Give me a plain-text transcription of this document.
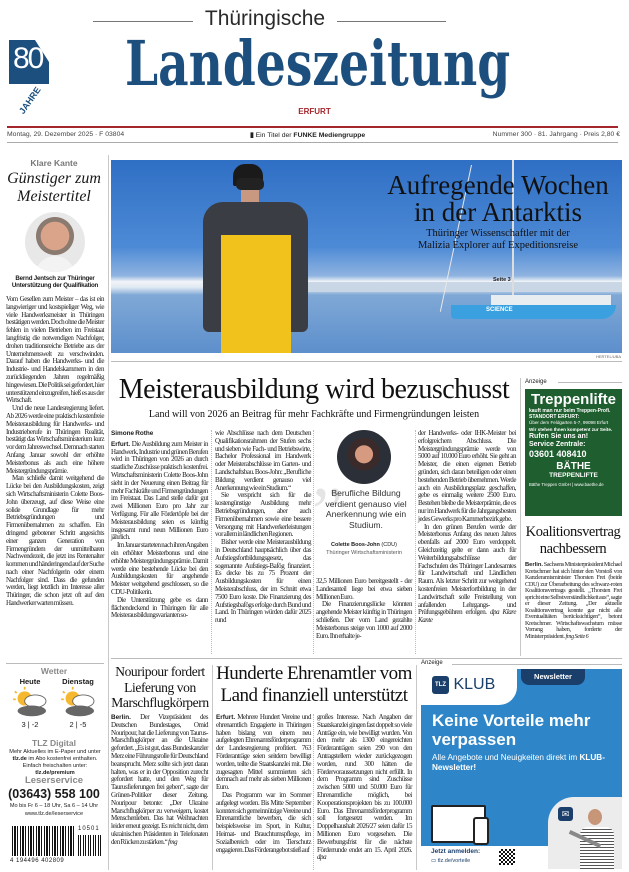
80
JAHRE
Thüringische
Landeszeitung
ERFURT
Montag, 29. Dezember 2025 · F 03804	▮ Ein Titel der FUNKE Mediengruppe	Nummer 300 · 81. Jahrgang · Preis 2,80 €
Klare Kante
Günstiger zum Meistertitel
Bernd Jentsch zur Thüringer Unterstützung der Qualifikation

Vom Gesellen zum Meister – das ist ein langwieriger und kostspieliger Weg, wie viele Handwerksmeister in Thüringen bestätigen werden. Doch ohne die Meister fehlen in vielen Betrieben im Freistaat langfristig die notwendigen Nachfolger, drohen traditionsreiche Betriebe aus der Unternehmenswelt zu verschwinden. Darauf haben die Handwerks- und die Industrie- und Handelskammern in den zurückliegenden Jahren regelmäßig hingewiesen. Die Politik sei gefordert, hier unterstützend einzugreifen, hieß es aus der Wirtschaft.

Und die neue Landesregierung liefert. Ab 2026 werde eine praktisch kostenfreie Meisterausbildung für Handwerks- und Industrieberufe in Thüringen Realität, bestätigt das Wirtschaftsministerium kurz vor dem Jahreswechsel. Demnach starten Anfang Januar sowohl der erhöhte Meisterbonus als auch eine höhere Meistergründungsprämie.

Man schließe damit weitgehend die Lücke bei den Ausbildungskosten, zeigt sich Wirtschaftsministerin Colette Boos-John überzeugt, auf diese Weise eine solide Grundlage für mehr Betriebsgründungen und Firmenübernahmen zu schaffen. Ein dringend gebotener Schritt angesichts einer ganzen Generation von Firmengründern der unmittelbaren Nachwendezeit, die jetzt ins Rentenalter kommen und händeringend auf der Suche nach einer Nachfolgerin oder einem Nachfolger sind. Dass die gefunden werden, liegt letztlich im Interesse aller Thüringer, die schon jetzt oft auf den Handwerker warten müssen.

Wetter
Heute
3 | -2
Dienstag
2 | -5
TLZ Digital
Mehr Aktuelles im E-Paper und unter tlz.de im Abo kostenfrei enthalten. Einfach freischalten unter: tlz.de/premium
Leserservice
(03643) 558 100
Mo bis Fr 6 – 18 Uhr, Sa 6 – 14 Uhr
www.tlz.de/leserservice
10501
4 194496 402809
SCIENCE
Aufregende Wochen
in der Antarktis
Thüringer Wissenschaftler mit der
Malizia Explorer auf Expeditionsreise
Seite 3
HERTEL/UBA
Meisterausbildung wird bezuschusst
Land will von 2026 an Beitrag für mehr Fachkräfte und Firmengründungen leisten
Simone Rothe

Erfurt. Die Ausbildung zum Meister in Handwerk, Industrie und grünen Berufen wird in Thüringen von 2026 an durch staatliche Zuschüsse praktisch kostenfrei. Wirtschaftsministerin Colette Boos-John sieht in der Neuerung einen Beitrag für mehr Fachkräfte und Firmengründungen im Freistaat. Das Land stelle dafür gut zwei Millionen Euro pro Jahr zur Verfügung. Für alle Fördertöpfe bei der Meisterausbildung seien es künftig insgesamt rund neun Millionen Euro jährlich.

Im Januar starteten nach ihren Angaben ein erhöhter Meisterbonus und eine erhöhte Meistergründungsprämie. Damit werde eine bestehende Lücke bei den Ausbildungskosten für angehende Meister weitgehend geschlossen, so die CDU-Politikerin.

Die Unterstützung gebe es dann flächendeckend in Thüringen für alle Meisterausbildungsvarianten so-

wie Abschlüsse nach dem Deutschen Qualifikationsrahmen der Stufen sechs und sieben wie Fach- und Betriebswirte, Bachelor Professional im Handwerk oder Meisterabschlüsse im Garten- und Landschaftsbau. Boos-John: „Berufliche Bildung verdient genauso viel Anerkennung wie ein Studium.“

Sie verspricht sich für die kostengünstige Ausbildung mehr Betriebsgründungen, aber auch Firmenübernahmen sowie eine bessere Versorgung mit Handwerkerleistungen vor allem in ländlichen Regionen.

Bisher werde eine Meisterausbildung in Deutschland hauptsächlich über das Aufstiegsfortbildungsgesetz, das sogenannte Aufstiegs-Bafög finanziert. Es decke bis zu 75 Prozent der Ausbildungskosten für einen Meisterabschluss, der im Schnitt etwa 7500 Euro koste. Die Finanzierung des Aufstiegsbafögs erfolge durch Bund und Land. In Thüringen würden dafür 2025 rund

”
Berufliche Bildung verdient genauso viel Anerkennung wie ein Studium.
Colette Boos-John (CDU)
Thüringer Wirtschaftsministerin

32,5 Millionen Euro bereitgestellt - der Landesanteil liege bei etwa sieben Millionen Euro.

Die Finanzierungslücke könnten angehende Meister künftig in Thüringen schließen. Der vom Land gezahlte Meisterbonus steige von 1000 auf 2000 Euro. Ihn erhalte je-

der Handwerks- oder IHK-Meister bei erfolgreichem Abschluss. Die Meistergründungsprämie werde von 5000 auf 10.000 Euro erhöht. Sie geht an Meister, die einen eigenen Betrieb gründen, sich daran beteiligen oder einen bestehenden Betrieb übernehmen. Werde auch ein Ausbildungsplatz geschaffen, gebe es einmalig weitere 2500 Euro. Bestehen bleibe die Meisterprämie, die es nur im Handwerk für die Jahrgangsbesten jedes Gewerks pro Kammerbezirk gebe.

In den grünen Berufen werde der Meisterbonus Anfang des neuen Jahres ebenfalls auf 2000 Euro verdoppelt. Gleichzeitig gelte er dann auch für Weiterbildungsabschlüsse der Fachschulen des Thüringer Landesamtes für Landwirtschaft und Ländlichen Raum. Als letzter Schritt zur weitgehend kostenfreien Meisterfortbildung in der Landwirtschaft solle Freistellung von anfallenden Lehrgangs- und Prüfungsgebühren erfolgen. dpa Klare Kante

Anzeige
Treppenlifte
kauft man nur beim Treppen-Profi.
STANDORT ERFURT:
Über dem Feldgarten 5-7, 99098 Erfurt
Wir stehen Ihnen kompetent zur Seite.
Rufen Sie uns an!
Service Zentrale:
03601 408410
BÄTHE
TREPPENLIFTE
Bäthe Treppen GmbH | www.baethe.de
Koalitionsvertrag nachbessern

Berlin. Sachsens Ministerpräsident Michael Kretschmer hat sich hinter den Vorstoß von Kanzleramtsminister Thorsten Frei (beide CDU) zur Überarbeitung des schwarz-roten Koalitionsvertrags gestellt. „Thorsten Frei spricht eine Selbstverständlichkeit aus“, sagte er dieser Zeitung. „Der aktuelle Koalitionsvertrag konnte gar nicht alle Eventualitäten berücksichtigen“, betont Kretschmer. Wirtschaftswachstum müsse Vorrang haben, forderte der Ministerpräsident. fmg Seite 6

Nouripour fordert Lieferung von Marschflugkörpern

Berlin. Der Vizepräsident des Deutschen Bundestages, Omid Nouripour, hat die Lieferung von Taurus-Marschflugkörper an die Ukraine gefordert. „Es ist gut, dass Bundeskanzler Merz eine Führungsrolle für Deutschland beansprucht. Merz sollte sich jetzt daran halten, was er in der Opposition zurecht gefordert hatte, und den Weg für Taurusfieferungen frei geben“, sagte der Grünen-Politiker dieser Zeitung. Nouripour betonte: „Der Ukraine Marschflugkörper zu verweigern, kostet Menschenleben. Das hat Weihnachten leider erneut gezeigt. Es reicht nicht, dem ukrainischen Präsidenten in Telefonaten den Rücken zu stärken.“ fmg

Hunderte Ehrenamtler vom Land finanziell unterstützt

Erfurt. Mehrere Hundert Vereine und ehrenamtlich Engagierte in Thüringen haben bislang von einem neu aufgelegten Ehrenamtsförderprogramm der Landesregierung profitiert. 763 Förderanträge seien seitdem bewilligt worden, teilte die Staatskanzlei mit. Die zugesagten Mittel summierten sich demnach auf mehr als sieben Millionen Euro.

Das Programm war im Sommer aufgelegt worden. Bis Mitte September konnten sich gemeinnützige Vereine und Ehrenamtliche bewerben, die sich beispielsweise im Sport, in Kultur, Heimat- und Brauchtumspflege, im Sozialbereich oder im Tierschutz engagieren. Das Förderangebot stieß auf

großes Interesse. Nach Angaben der Staatskanzlei gingen fast doppelt so viele Anträge ein, wie bewilligt wurden. Von den mehr als 1300 eingereichten Förderanträgen seien 290 von den Antragstellern wieder zurückgezogen worden, rund 300 hätten die Fördervoraussetzungen nicht erfüllt. In dem Programm sind Zuschüsse zwischen 5000 und 50.000 Euro für Ehrenamtliche möglich, bei Kooperationsprojekten bis zu 100.000 Euro. Das Ehrenamtsförderprogramm soll fortgesetzt werden. Im Doppelhaushalt 2026/27 seien dafür 15 Millionen Euro vorgesehen. Die Bewerbungsfrist für die nächste Förderrunde endet am 15. April 2026. dpa

Anzeige
TLZ KLUB	Newsletter
Keine Vorteile mehr verpassen
Alle Angebote und Neuigkeiten direkt im KLUB-Newsletter!
✉
Jetzt anmelden:
▭ tlz.de/vorteile
